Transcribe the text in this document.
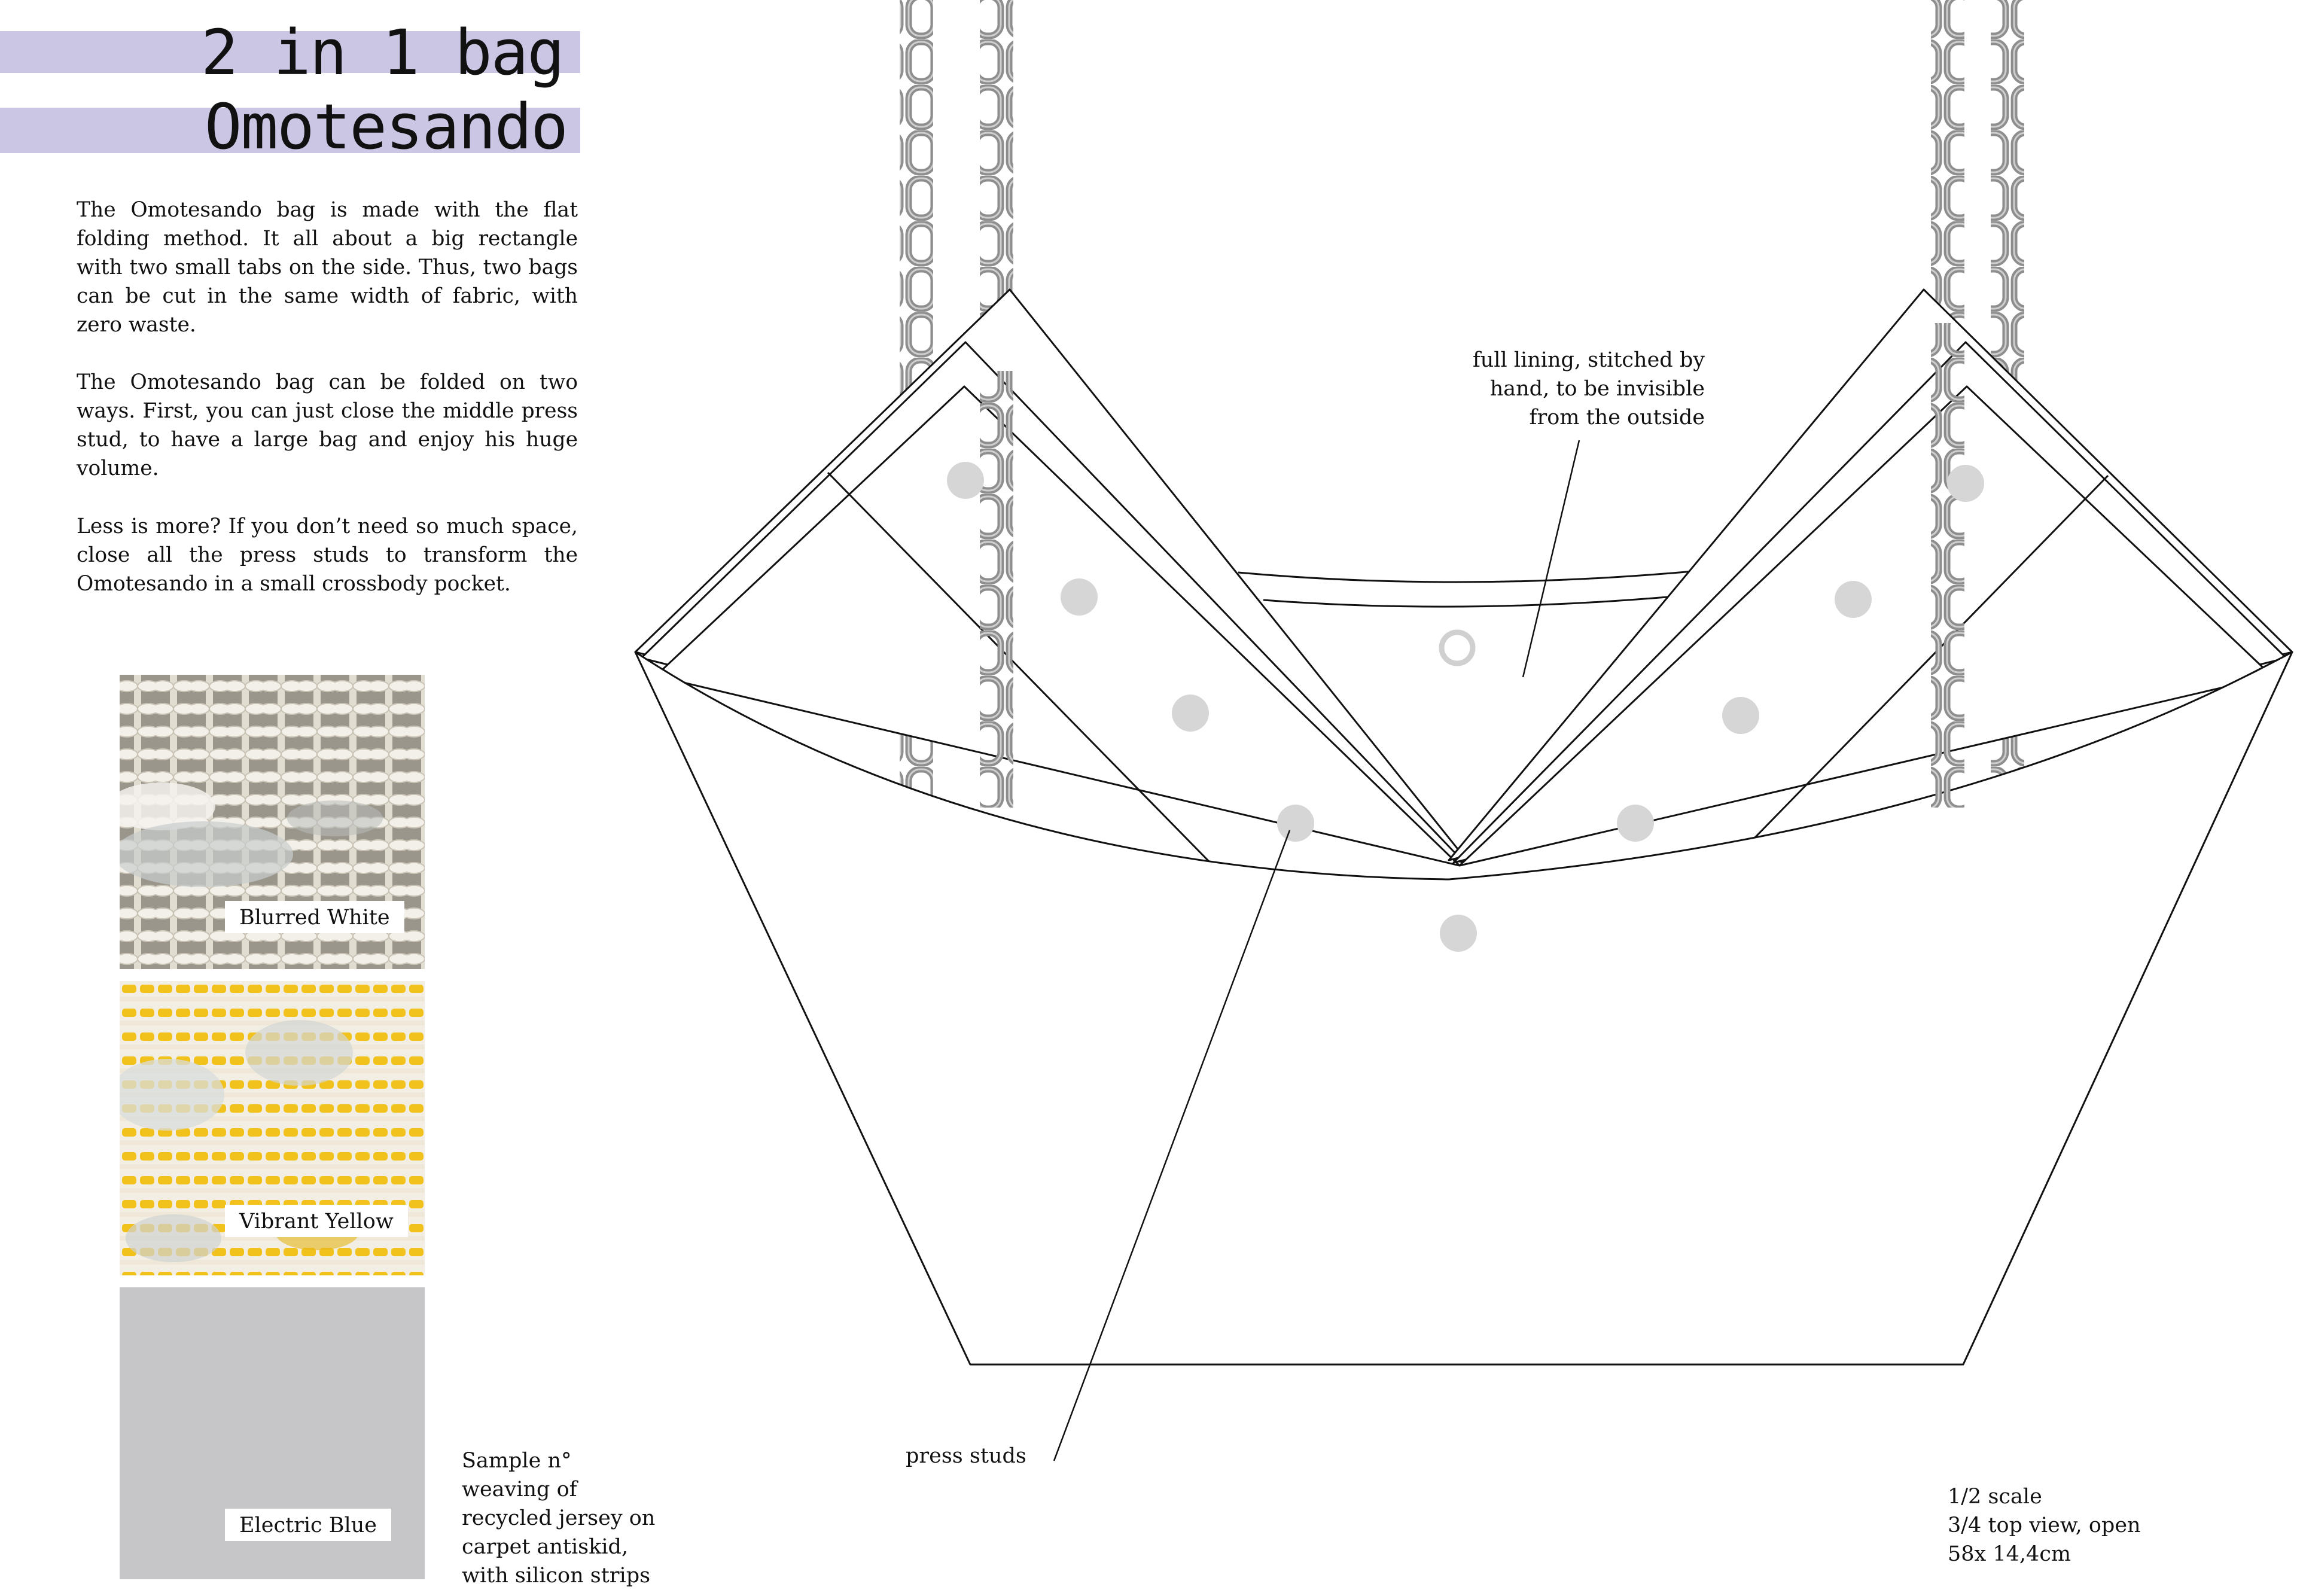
2 in 1 bag
Omotesando

The Omotesando bag is made with the flat folding method. It all about a big rectangle with two small tabs on the side. Thus, two bags can be cut in the same width of fabric, with zero waste.

The Omotesando bag can be folded on two ways. First, you can just close the middle press stud, to have a large bag and enjoy his huge volume.

Less is more? If you don’t need so much space, close all the press studs to transform the Omotesando in a small crossbody pocket.

Blurred White
Vibrant Yellow
Electric Blue
Sample n°
weaving of
recycled jersey on
carpet antiskid,
with silicon strips
full lining, stitched by
hand, to be invisible
from the outside
press studs
1/2 scale
3/4 top view, open
58x 14,4cm
